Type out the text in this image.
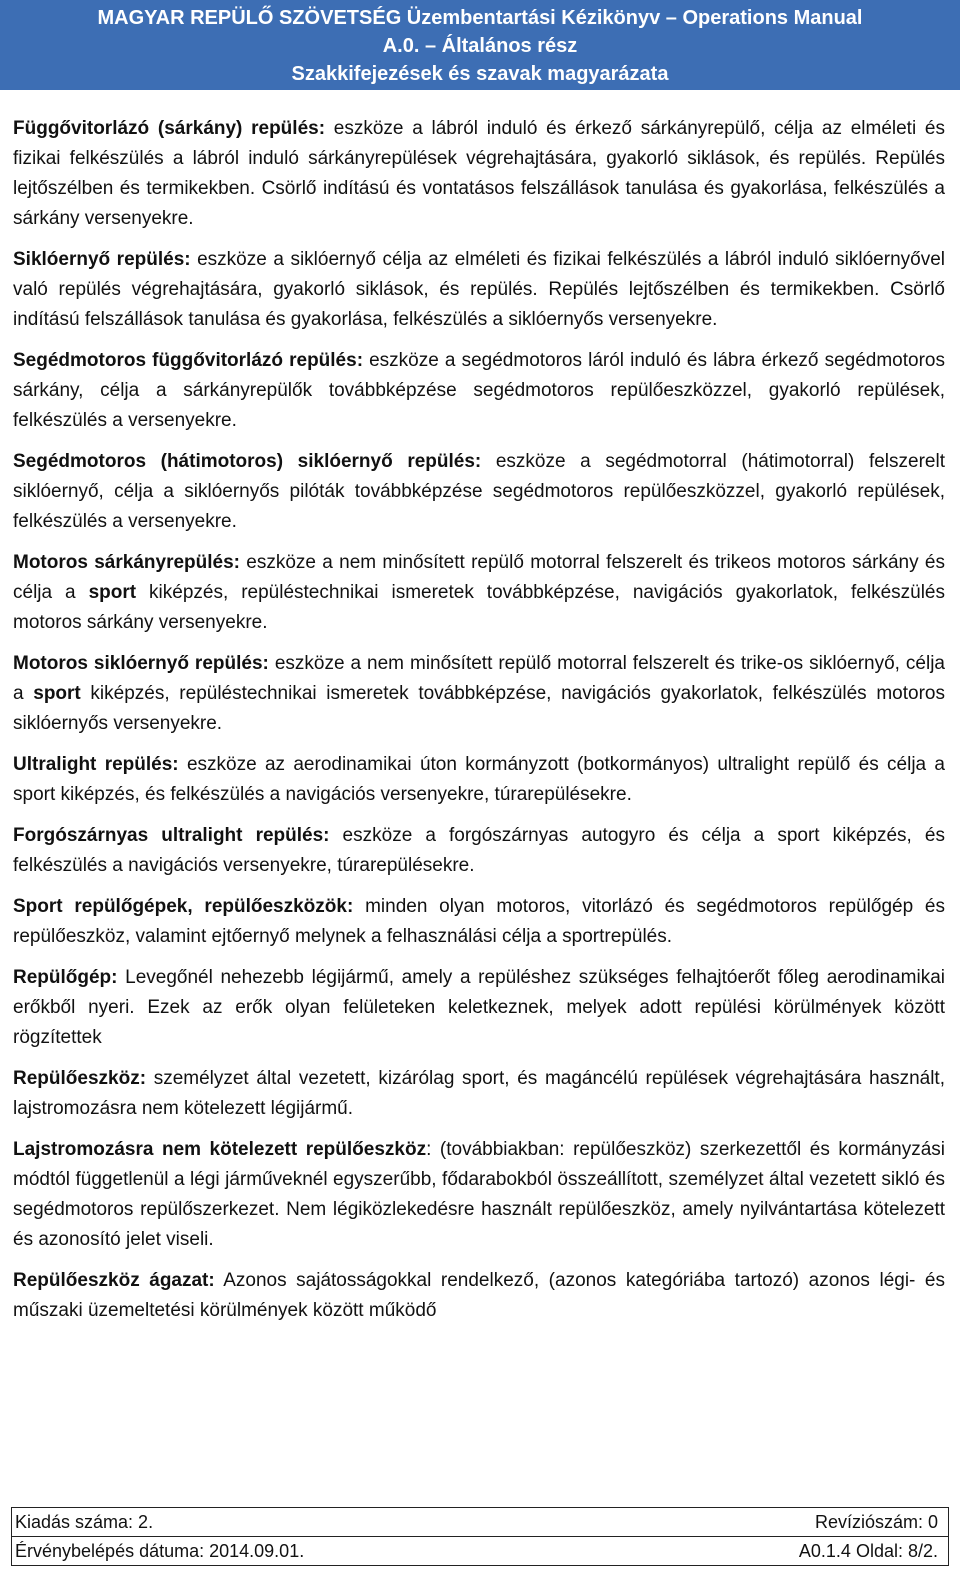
MAGYAR REPÜLŐ SZÖVETSÉG Üzembentartási Kézikönyv – Operations Manual
A.0. – Általános rész
Szakkifejezések és szavak magyarázata

Függővitorlázó (sárkány) repülés: eszköze a lábról induló és érkező sárkányrepülő, célja az elméleti és fizikai felkészülés a lábról induló sárkányrepülések végrehajtására, gyakorló siklások, és repülés. Repülés lejtőszélben és termikekben. Csörlő indítású és vontatásos felszállások tanulása és gyakorlása, felkészülés a sárkány versenyekre.

Siklóernyő repülés: eszköze a siklóernyő célja az elméleti és fizikai felkészülés a lábról induló siklóernyővel való repülés végrehajtására, gyakorló siklások, és repülés. Repülés lejtőszélben és termikekben. Csörlő indítású felszállások tanulása és gyakorlása, felkészülés a siklóernyős versenyekre.

Segédmotoros függővitorlázó repülés: eszköze a segédmotoros láról induló és lábra érkező segédmotoros sárkány, célja a sárkányrepülők továbbképzése segédmotoros repülőeszközzel, gyakorló repülések, felkészülés a versenyekre.

Segédmotoros (hátimotoros) siklóernyő repülés: eszköze a segédmotorral (hátimotorral) felszerelt siklóernyő, célja a siklóernyős pilóták továbbképzése segédmotoros repülőeszközzel, gyakorló repülések, felkészülés a versenyekre.

Motoros sárkányrepülés: eszköze a nem minősített repülő motorral felszerelt és trikeos motoros sárkány és célja a sport kiképzés, repüléstechnikai ismeretek továbbképzése, navigációs gyakorlatok, felkészülés motoros sárkány versenyekre.

Motoros siklóernyő repülés: eszköze a nem minősített repülő motorral felszerelt és trike-os siklóernyő, célja a sport kiképzés, repüléstechnikai ismeretek továbbképzése, navigációs gyakorlatok, felkészülés motoros siklóernyős versenyekre.

Ultralight repülés: eszköze az aerodinamikai úton kormányzott (botkormányos) ultralight repülő és célja a sport kiképzés, és felkészülés a navigációs versenyekre, túrarepülésekre.

Forgószárnyas ultralight repülés: eszköze a forgószárnyas autogyro és célja a sport kiképzés, és felkészülés a navigációs versenyekre, túrarepülésekre.

Sport repülőgépek, repülőeszközök: minden olyan motoros, vitorlázó és segédmotoros repülőgép és repülőeszköz, valamint ejtőernyő melynek a felhasználási célja a sportrepülés.

Repülőgép: Levegőnél nehezebb légijármű, amely a repüléshez szükséges felhajtóerőt főleg aerodinamikai erőkből nyeri. Ezek az erők olyan felületeken keletkeznek, melyek adott repülési körülmények között rögzítettek

Repülőeszköz: személyzet által vezetett, kizárólag sport, és magáncélú repülések végrehajtására használt, lajstromozásra nem kötelezett légijármű.

Lajstromozásra nem kötelezett repülőeszköz: (továbbiakban: repülőeszköz) szerkezettől és kormányzási módtól függetlenül a légi járműveknél egyszerűbb, fődarabokból összeállított, személyzet által vezetett sikló és segédmotoros repülőszerkezet. Nem légiközlekedésre használt repülőeszköz, amely nyilvántartása kötelezett és azonosító jelet viseli.

Repülőeszköz ágazat: Azonos sajátosságokkal rendelkező, (azonos kategóriába tartozó) azonos légi- és műszaki üzemeltetési körülmények között működő

Kiadás száma: 2.	Revíziószám: 0
Érvénybelépés dátuma: 2014.09.01.	A0.1.4 Oldal: 8/2.
